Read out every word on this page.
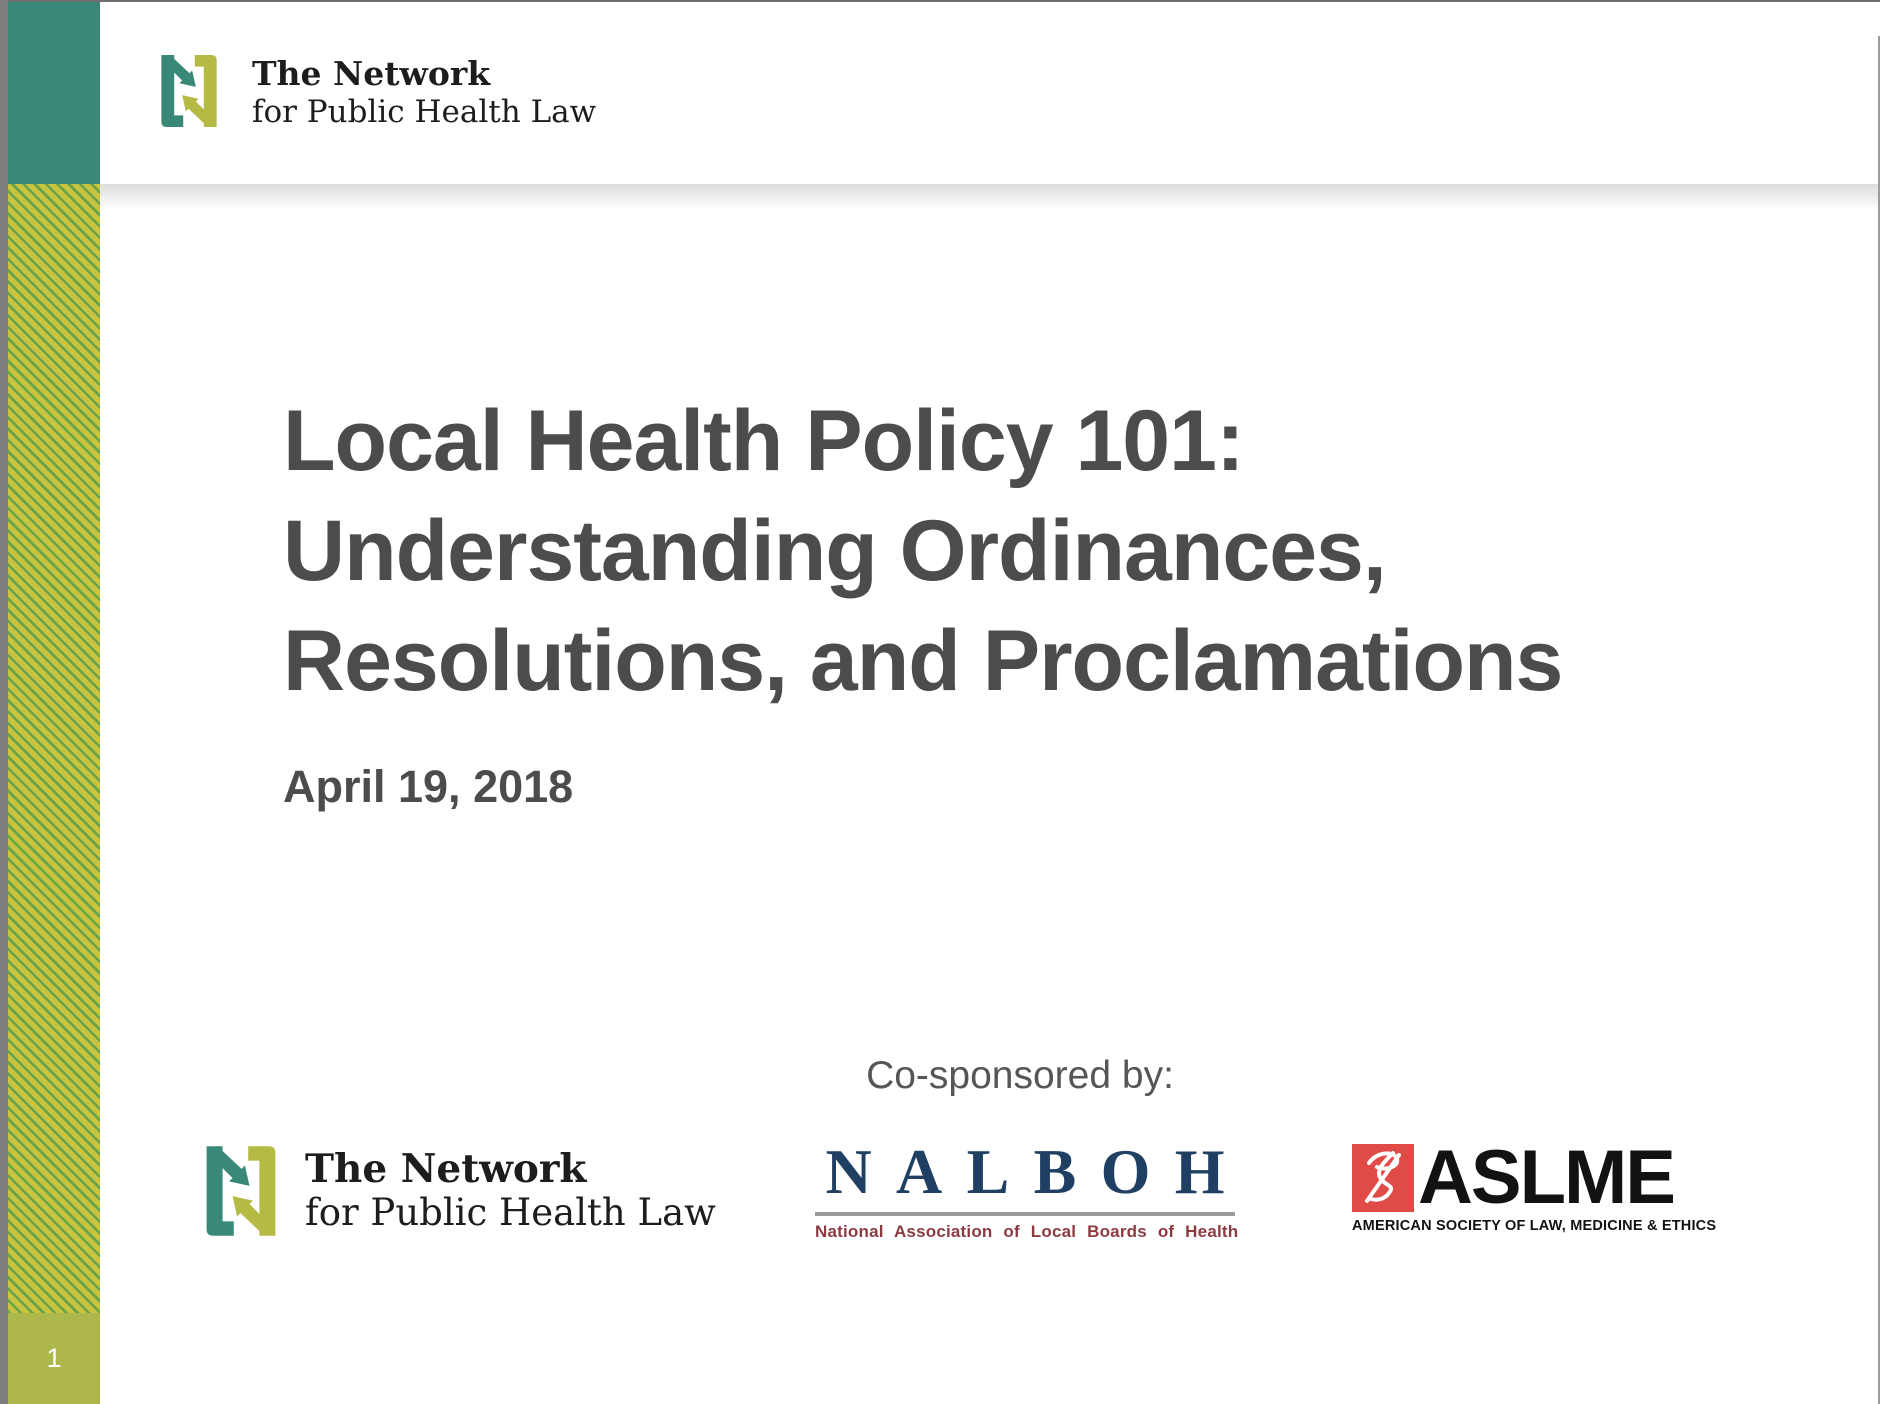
1
The Network
for Public Health Law
Local Health Policy 101:
Understanding Ordinances,
Resolutions, and Proclamations
April 19, 2018
Co-sponsored by:
The Network
for Public Health Law
NALBOH
National Association of Local Boards of Health
ASLME
AMERICAN SOCIETY OF LAW, MEDICINE & ETHICS
